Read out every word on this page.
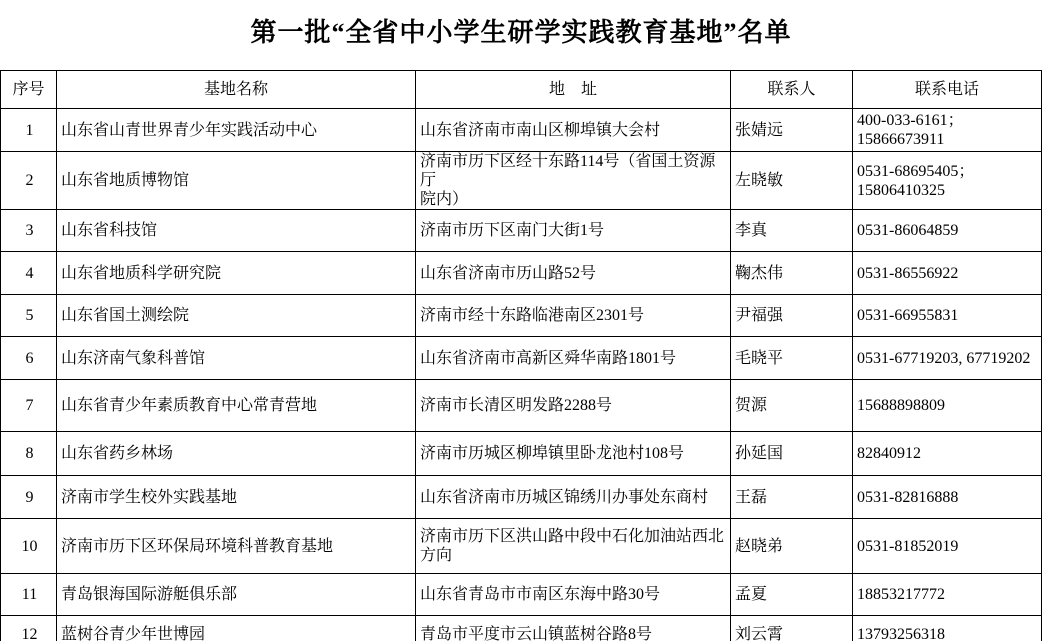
第一批“全省中小学生研学实践教育基地”名单
序号	基地名称	地　址	联系人	联系电话
1	山东省山青世界青少年实践活动中心	山东省济南市南山区柳埠镇大会村	张婧远	400-033-6161；
15866673911
2	山东省地质博物馆	济南市历下区经十东路114号（省国土资源厅
院内）	左晓敏	0531-68695405；
15806410325
3	山东省科技馆	济南市历下区南门大街1号	李真	0531-86064859
4	山东省地质科学研究院	山东省济南市历山路52号	鞠杰伟	0531-86556922
5	山东省国土测绘院	济南市经十东路临港南区2301号	尹福强	0531-66955831
6	山东济南气象科普馆	山东省济南市高新区舜华南路1801号	毛晓平	0531-67719203, 67719202
7	山东省青少年素质教育中心常青营地	济南市长清区明发路2288号	贺源	15688898809
8	山东省药乡林场	济南市历城区柳埠镇里卧龙池村108号	孙延国	82840912
9	济南市学生校外实践基地	山东省济南市历城区锦绣川办事处东商村	王磊	0531-82816888
10	济南市历下区环保局环境科普教育基地	济南市历下区洪山路中段中石化加油站西北
方向	赵晓弟	0531-81852019
11	青岛银海国际游艇俱乐部	山东省青岛市市南区东海中路30号	孟夏	18853217772
12	蓝树谷青少年世博园	青岛市平度市云山镇蓝树谷路8号	刘云霄	13793256318
